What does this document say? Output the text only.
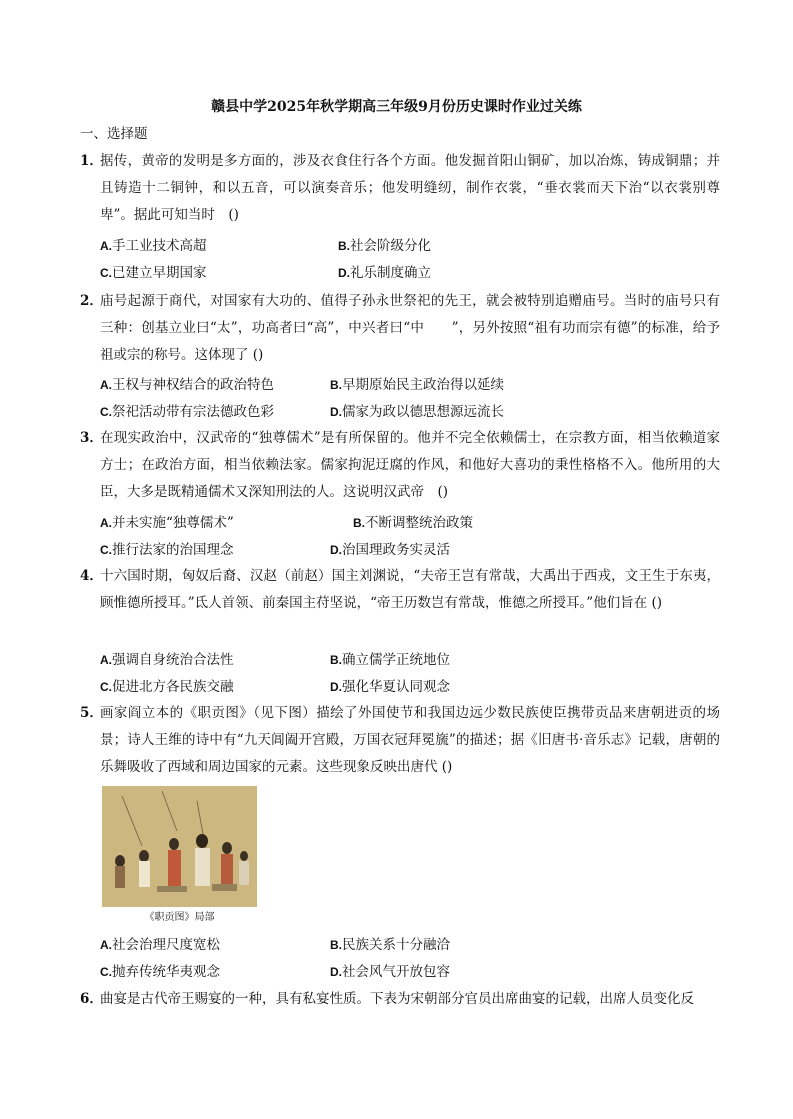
赣县中学2025年秋学期高三年级9月份历史课时作业过关练
一、选择题
1．
据传，黄帝的发明是多方面的，涉及衣食住行各个方面。他发掘首阳山铜矿，加以冶炼，铸成铜鼎；并且铸造十二铜钟，和以五音，可以演奏音乐；他发明缝纫，制作衣裳，“垂衣裳而天下治“以衣裳别尊卑”。据此可知当时　()
A.手工业技术高超	B.社会阶级分化
C.已建立早期国家	D.礼乐制度确立
2．
庙号起源于商代，对国家有大功的、值得子孙永世祭祀的先王，就会被特别追赠庙号。当时的庙号只有三种：创基立业曰“太”，功高者曰“高”，中兴者曰“中　　”，另外按照“祖有功而宗有德”的标准，给予祖或宗的称号。这体现了 ()
A.王权与神权结合的政治特色	B.早期原始民主政治得以延续
C.祭祀活动带有宗法德政色彩	D.儒家为政以德思想源远流长
3．
在现实政治中，汉武帝的“独尊儒术”是有所保留的。他并不完全依赖儒士，在宗教方面，相当依赖道家方士；在政治方面，相当依赖法家。儒家拘泥迂腐的作风，和他好大喜功的秉性格格不入。他所用的大臣，大多是既精通儒术又深知刑法的人。这说明汉武帝　()
A.并未实施“独尊儒术”	B.不断调整统治政策
C.推行法家的治国理念	D.治国理政务实灵活
4．
十六国时期，匈奴后裔、汉赵（前赵）国主刘渊说，“夫帝王岂有常哉，大禹出于西戎，文王生于东夷，顾惟德所授耳。”氐人首领、前秦国主苻坚说，“帝王历数岂有常哉，惟德之所授耳。”他们旨在 ()
A.强调自身统治合法性	B.确立儒学正统地位
C.促进北方各民族交融	D.强化华夏认同观念
5．
画家阎立本的《职贡图》（见下图）描绘了外国使节和我国边远少数民族使臣携带贡品来唐朝进贡的场景；诗人王维的诗中有“九天阊阖开宫殿，万国衣冠拜冕旒”的描述；据《旧唐书·音乐志》记载，唐朝的乐舞吸收了西域和周边国家的元素。这些现象反映出唐代 ()
《职贡图》局部
A.社会治理尺度宽松	B.民族关系十分融洽
C.抛弃传统华夷观念	D.社会风气开放包容
6．
曲宴是古代帝王赐宴的一种，具有私宴性质。下表为宋朝部分官员出席曲宴的记载，出席人员变化反
